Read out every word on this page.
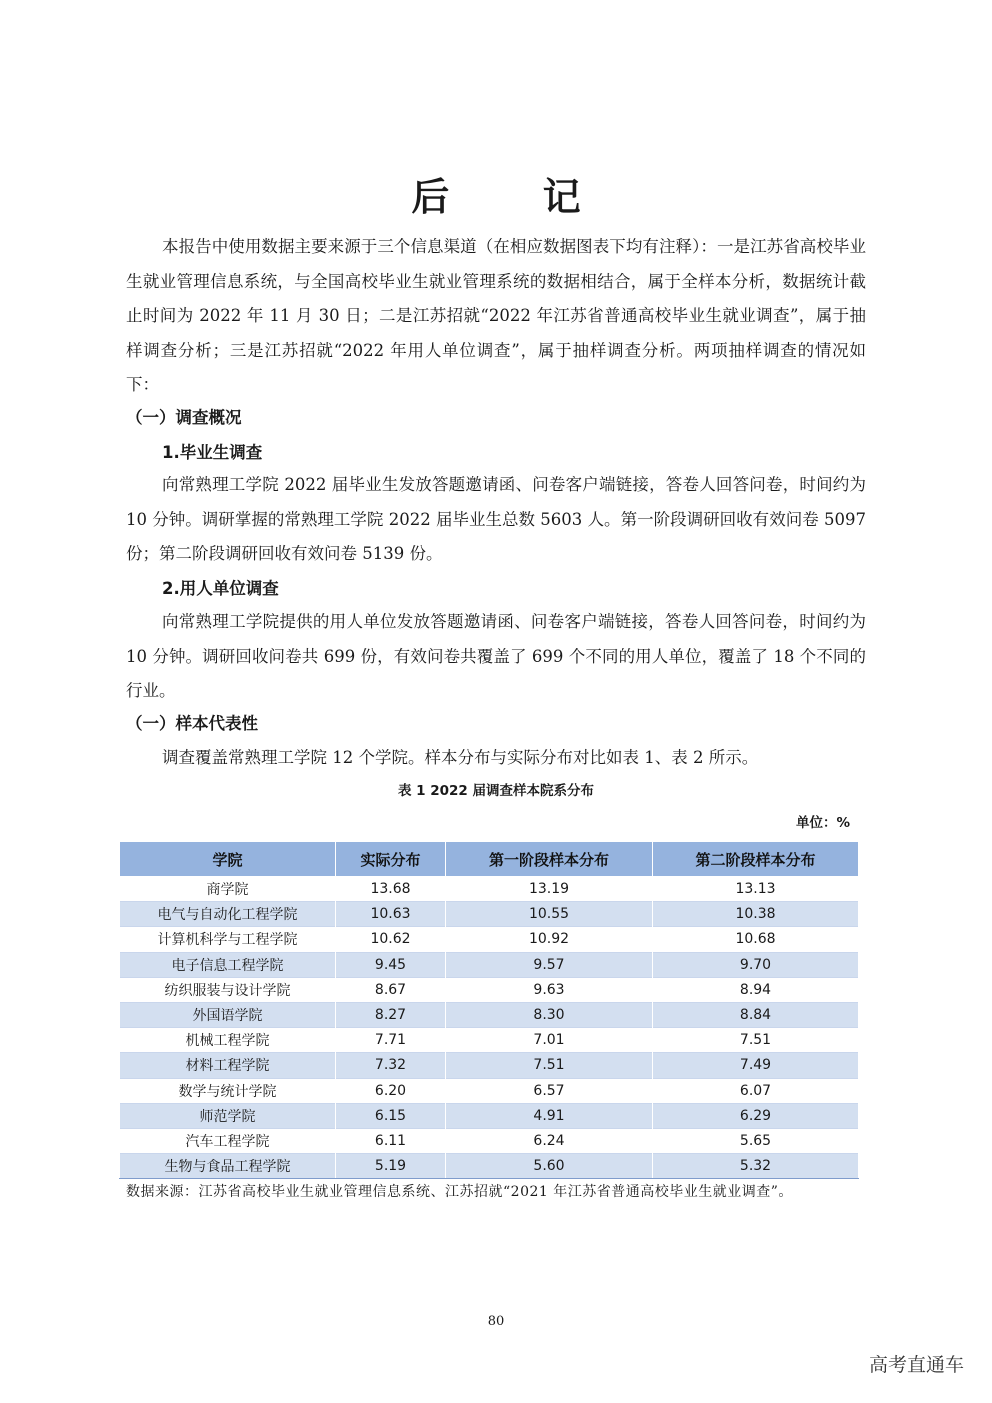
后 记

本报告中使用数据主要来源于三个信息渠道（在相应数据图表下均有注释）：一是江苏省高校毕业生就业管理信息系统，与全国高校毕业生就业管理系统的数据相结合，属于全样本分析，数据统计截止时间为 2022 年 11 月 30 日；二是江苏招就“2022 年江苏省普通高校毕业生就业调查”，属于抽样调查分析；三是江苏招就“2022 年用人单位调查”，属于抽样调查分析。两项抽样调查的情况如下：

（一）调查概况

1.毕业生调查

向常熟理工学院 2022 届毕业生发放答题邀请函、问卷客户端链接，答卷人回答问卷，时间约为 10 分钟。调研掌握的常熟理工学院 2022 届毕业生总数 5603 人。第一阶段调研回收有效问卷 5097 份；第二阶段调研回收有效问卷 5139 份。

2.用人单位调查

向常熟理工学院提供的用人单位发放答题邀请函、问卷客户端链接，答卷人回答问卷，时间约为 10 分钟。调研回收问卷共 699 份，有效问卷共覆盖了 699 个不同的用人单位，覆盖了 18 个不同的行业。

（一）样本代表性

调查覆盖常熟理工学院 12 个学院。样本分布与实际分布对比如表 1、表 2 所示。

表 1 2022 届调查样本院系分布

单位：%

学院	实际分布	第一阶段样本分布	第二阶段样本分布
商学院	13.68	13.19	13.13
电气与自动化工程学院	10.63	10.55	10.38
计算机科学与工程学院	10.62	10.92	10.68
电子信息工程学院	9.45	9.57	9.70
纺织服装与设计学院	8.67	9.63	8.94
外国语学院	8.27	8.30	8.84
机械工程学院	7.71	7.01	7.51
材料工程学院	7.32	7.51	7.49
数学与统计学院	6.20	6.57	6.07
师范学院	6.15	4.91	6.29
汽车工程学院	6.11	6.24	5.65
生物与食品工程学院	5.19	5.60	5.32

数据来源：江苏省高校毕业生就业管理信息系统、江苏招就“2021 年江苏省普通高校毕业生就业调查”。

80

高考直通车
